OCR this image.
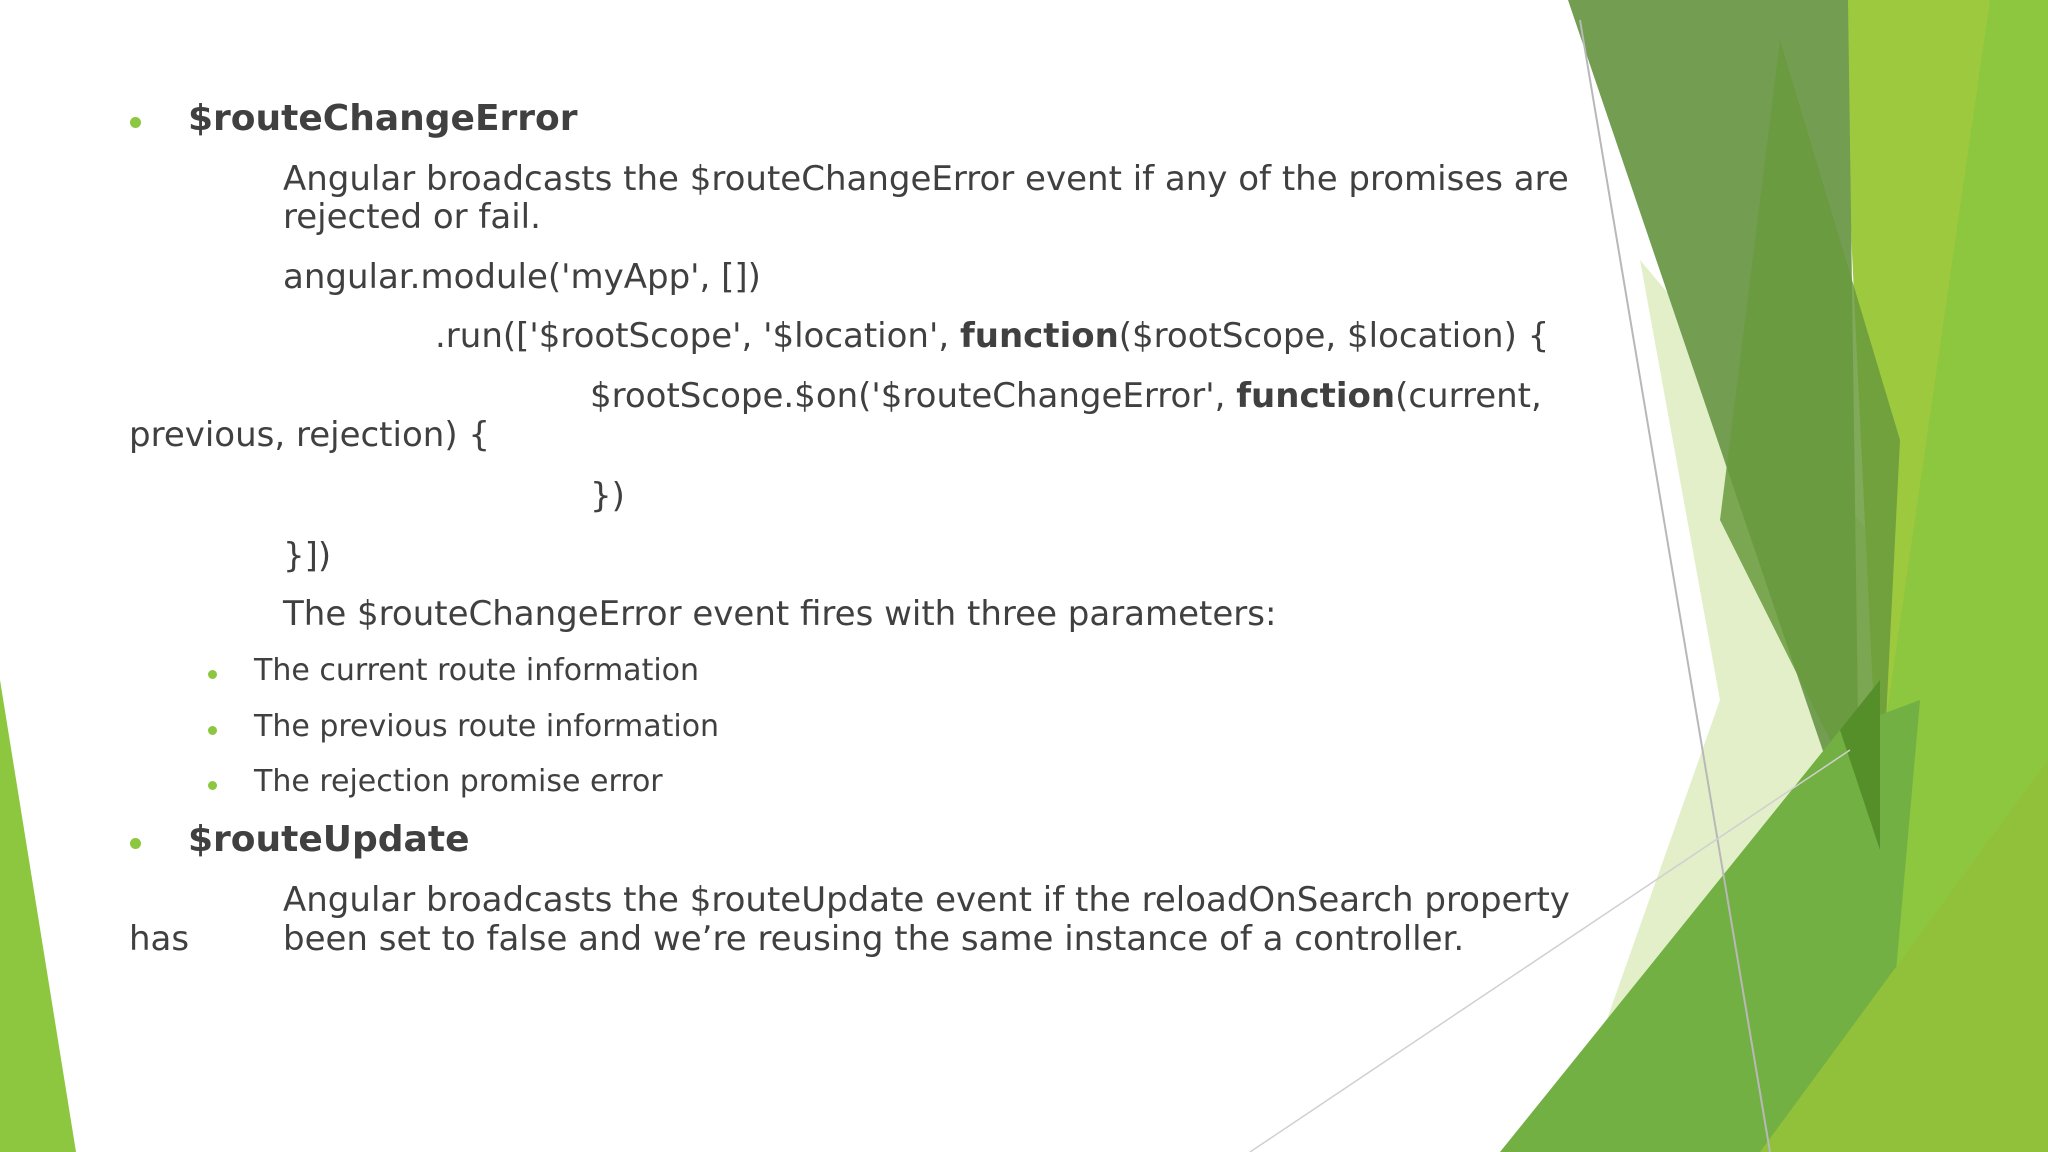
$routeChangeError
Angular broadcasts the $routeChangeError event if any of the promises are
rejected or fail.
angular.module('myApp', [])
.run(['$rootScope', '$location', function($rootScope, $location) {
$rootScope.$on('$routeChangeError', function(current,
previous, rejection) {
})
}])
The $routeChangeError event fires with three parameters:
The current route information
The previous route information
The rejection promise error
$routeUpdate
Angular broadcasts the $routeUpdate event if the reloadOnSearch property
has	been set to false and we’re reusing the same instance of a controller.
